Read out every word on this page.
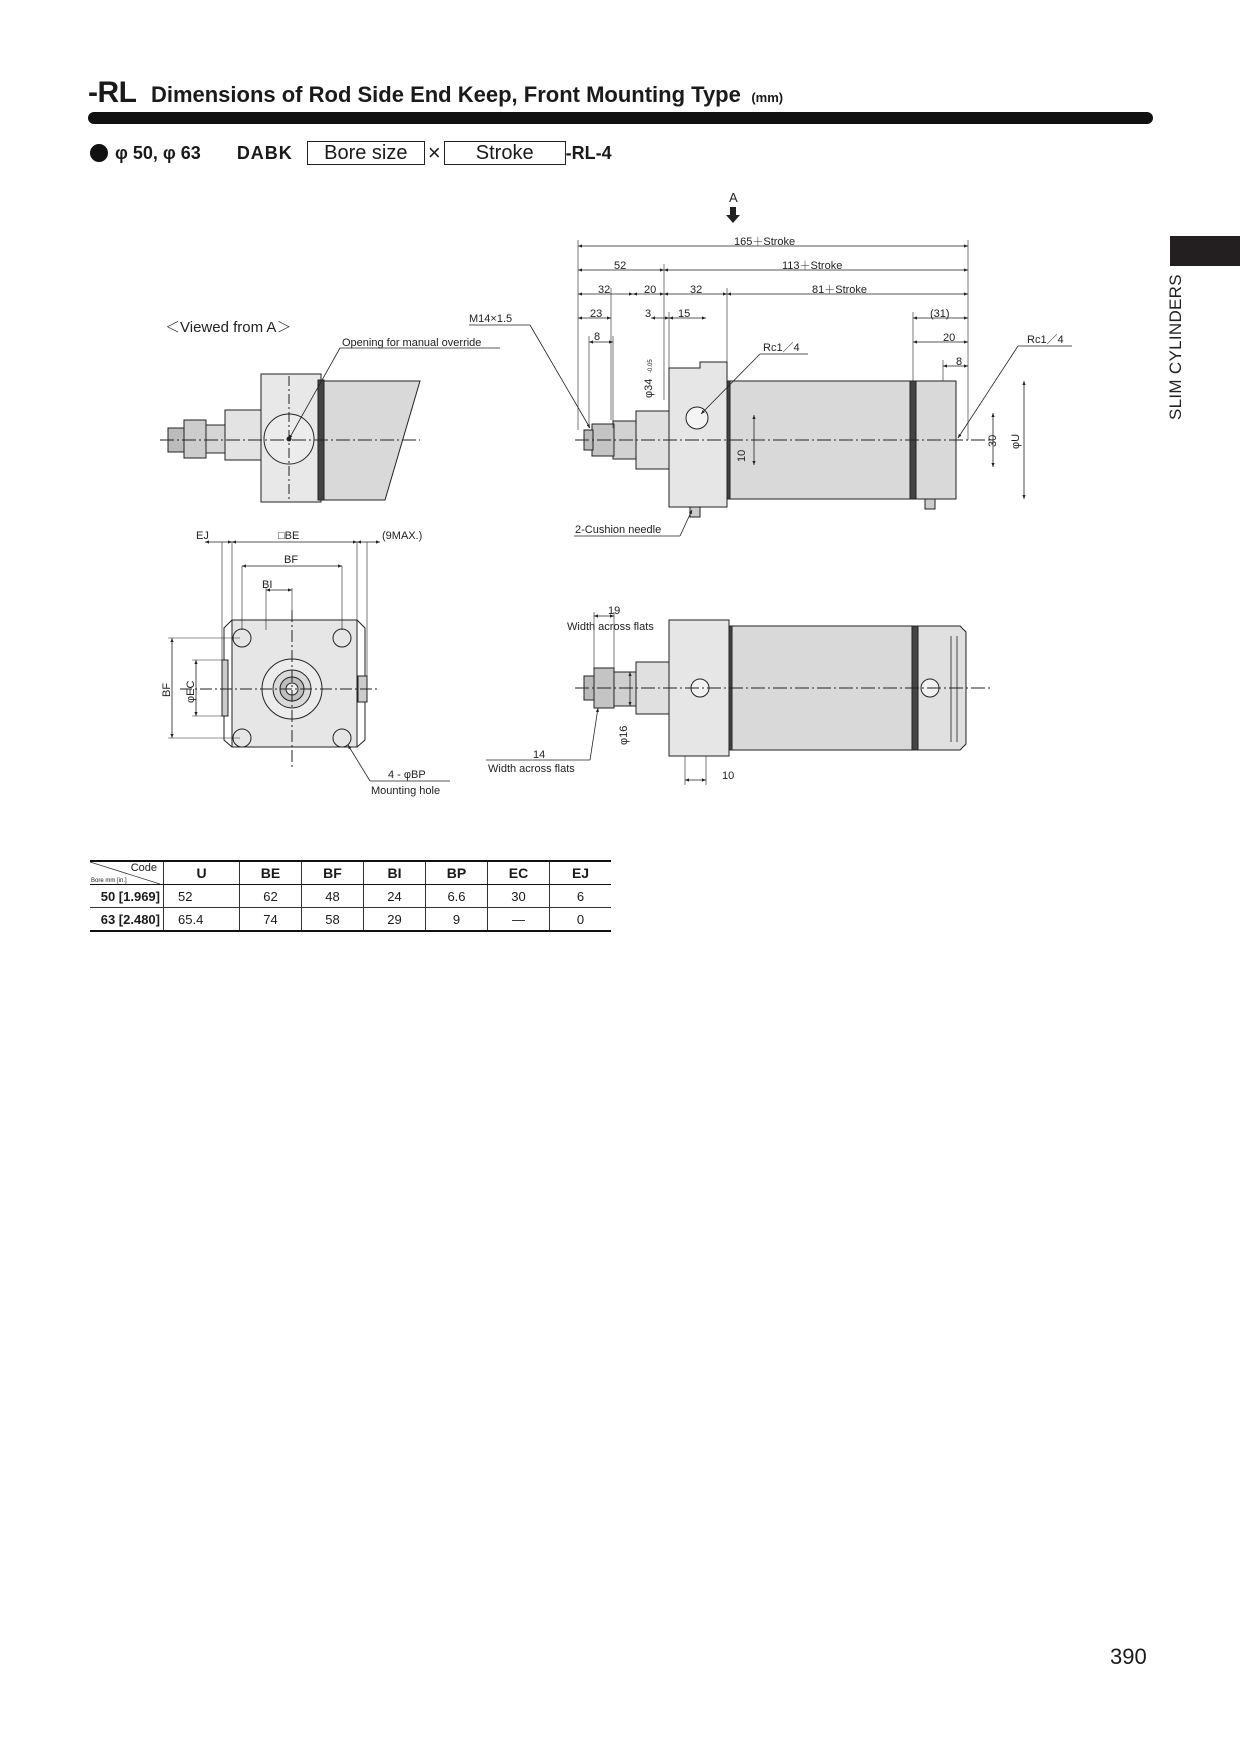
-RL Dimensions of Rod Side End Keep, Front Mounting Type (mm)
φ 50, φ 63 DABK	Bore size ×	Stroke	-RL-4
SLIM CYLINDERS
＜Viewed from A＞
Opening for manual override
A
165＋Stroke
52	113＋Stroke
32	20	32	81＋Stroke
23	3 15	(31)
8	20
8
M14×1.5
Rc1／4
Rc1／4
φ34
-0.05
10
30 φU
2-Cushion needle
EJ	□BE	(9MAX.)
BF
BI
BF φEC
4 - φBP
Mounting hole
19
Width across flats
φ16
14
Width across flats
10
Code
Bore mm [in.]	U	BE	BF	BI	BP	EC	EJ
50 [1.969]	52	62	48	24	6.6	30	6
63 [2.480]	65.4	74	58	29	9	—	0
390
